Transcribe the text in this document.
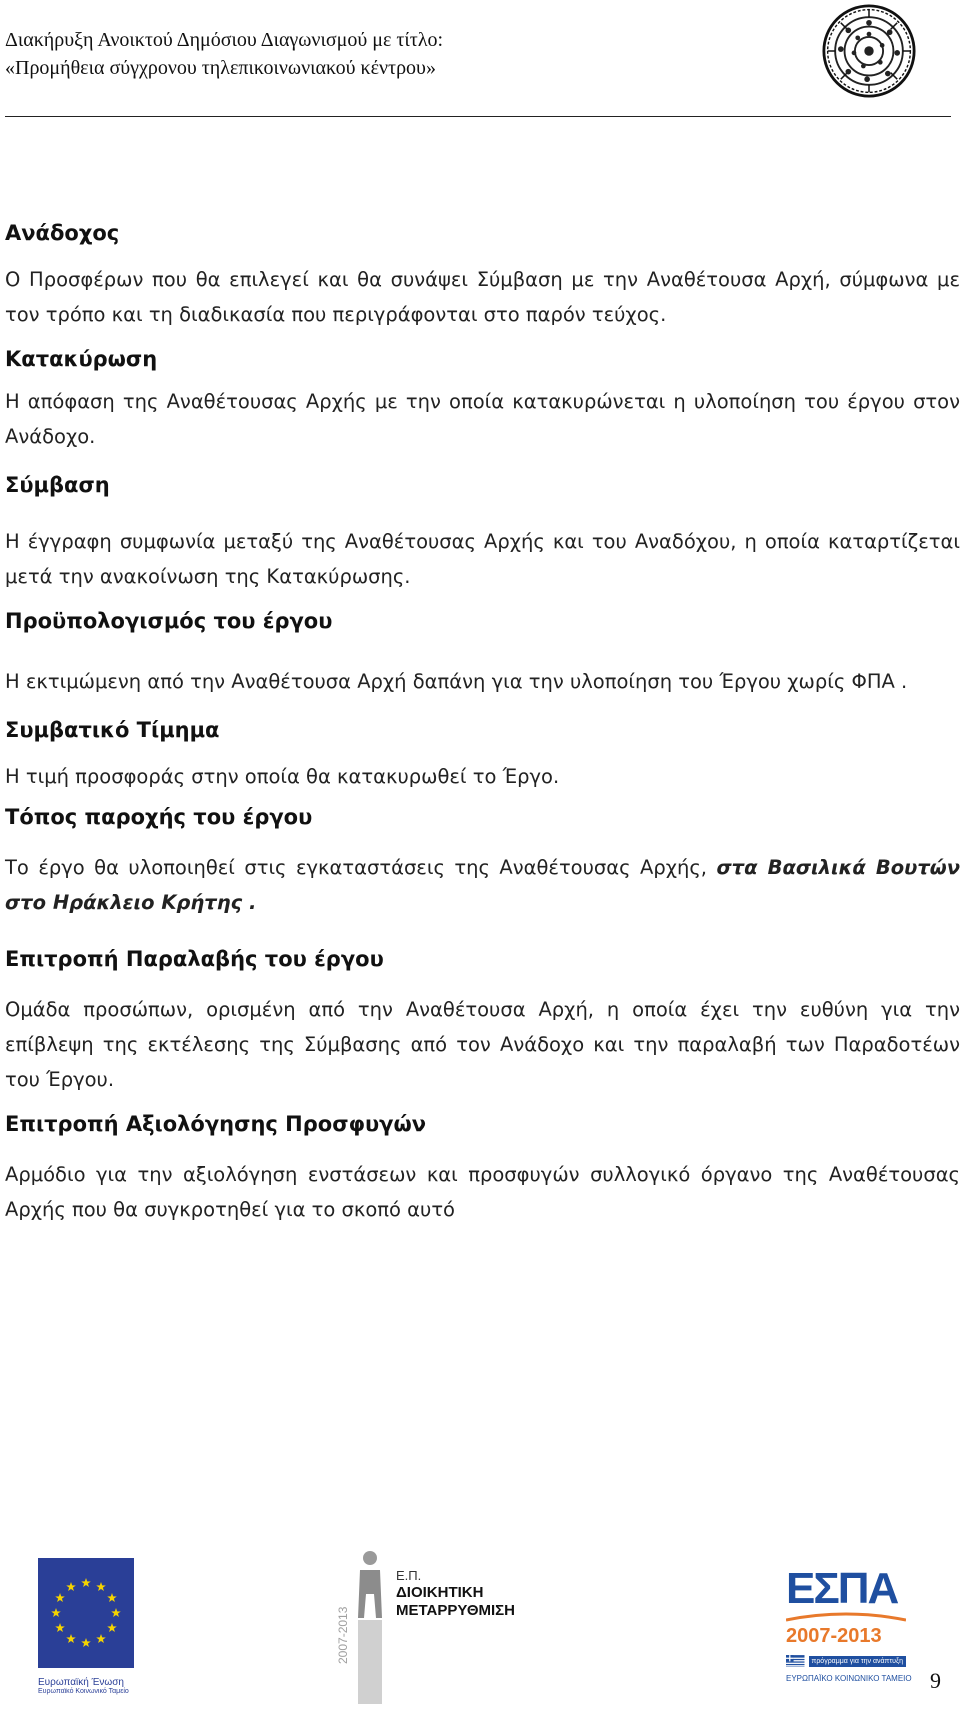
Διακήρυξη Ανοικτού Δημόσιου Διαγωνισμού με τίτλο:
«Προμήθεια σύγχρονου τηλεπικοινωνιακού κέντρου»
Ανάδοχος

Ο Προσφέρων που θα επιλεγεί και θα συνάψει Σύμβαση με την Αναθέτουσα Αρχή, σύμφωνα με τον τρόπο και τη διαδικασία που περιγράφονται στο παρόν τεύχος.

Κατακύρωση

Η απόφαση της Αναθέτουσας Αρχής με την οποία κατακυρώνεται η υλοποίηση του έργου στον Ανάδοχο.

Σύμβαση

Η έγγραφη συμφωνία μεταξύ της Αναθέτουσας Αρχής και του Αναδόχου, η οποία καταρτίζεται μετά την ανακοίνωση της Κατακύρωσης.

Προϋπολογισμός του έργου

Η εκτιμώμενη από την Αναθέτουσα Αρχή δαπάνη για την υλοποίηση του Έργου χωρίς ΦΠΑ .

Συμβατικό Τίμημα

Η τιμή προσφοράς στην οποία θα κατακυρωθεί το Έργο.

Τόπος παροχής του έργου

Το έργο θα υλοποιηθεί στις εγκαταστάσεις της Αναθέτουσας Αρχής, στα Βασιλικά Βουτών στο Ηράκλειο Κρήτης .

Επιτροπή Παραλαβής του έργου

Ομάδα προσώπων, ορισμένη από την Αναθέτουσα Αρχή, η οποία έχει την ευθύνη για την επίβλεψη της εκτέλεσης της Σύμβασης από τον Ανάδοχο και την παραλαβή των Παραδοτέων του Έργου.

Επιτροπή Αξιολόγησης Προσφυγών

Αρμόδιο για την αξιολόγηση ενστάσεων και προσφυγών συλλογικό όργανο της Αναθέτουσας Αρχής που θα συγκροτηθεί για το σκοπό αυτό

Ευρωπαϊκή Ένωση
Ευρωπαϊκό Κοινωνικό Ταμείο
2007-2013
Ε.Π.
ΔΙΟΙΚΗΤΙΚΗ
ΜΕΤΑΡΡΥΘΜΙΣΗ	ΕΣΠΑ
2007-2013
πρόγραμμα για την ανάπτυξη
ΕΥΡΩΠΑΪΚΟ ΚΟΙΝΩΝΙΚΟ ΤΑΜΕΙΟ 9
